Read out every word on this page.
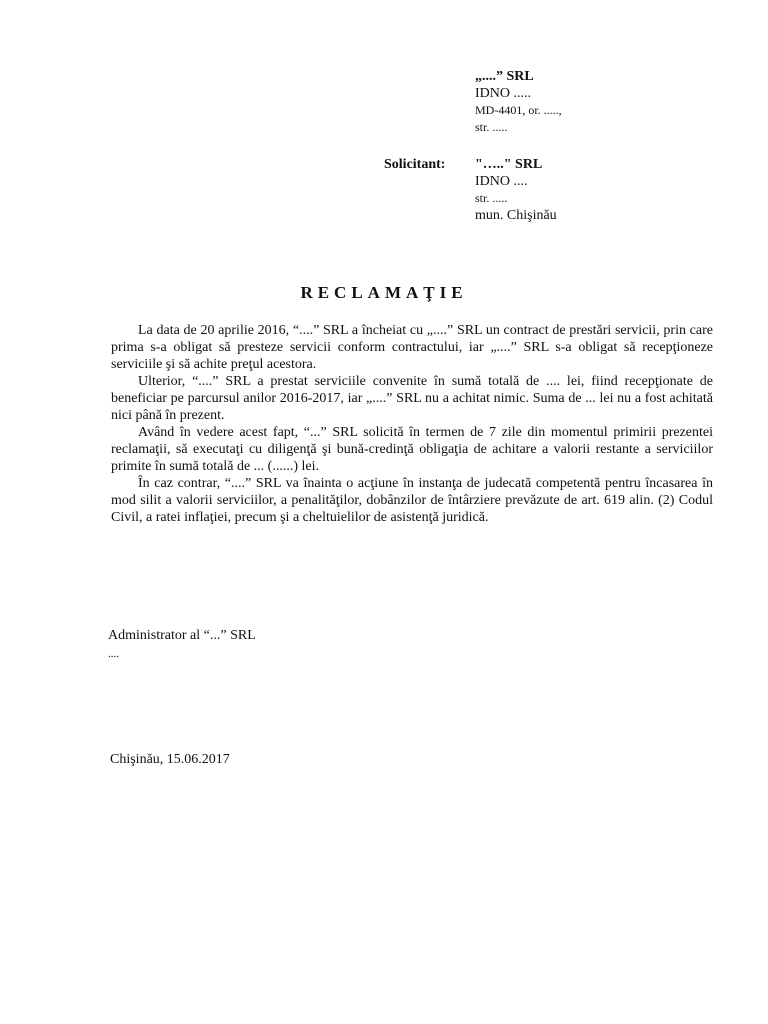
„....” SRL
IDNO .....
MD-4401, or. .....,
str. .....
Solicitant: "….." SRL
IDNO ....
str. .....
mun. Chişinău
RECLAMAŢIE

La data de 20 aprilie 2016, “....” SRL a încheiat cu „....” SRL un contract de prestări servicii, prin care prima s-a obligat să presteze servicii conform contractului, iar „....” SRL s-a obligat să recepţioneze serviciile şi să achite preţul acestora.

Ulterior, “....” SRL a prestat serviciile convenite în sumă totală de .... lei, fiind recepţionate de beneficiar pe parcursul anilor 2016-2017, iar „....” SRL nu a achitat nimic. Suma de ... lei nu a fost achitată nici până în prezent.

Având în vedere acest fapt, “...” SRL solicită în termen de 7 zile din momentul primirii prezentei reclamaţii, să executaţi cu diligenţă şi bună-credinţă obligaţia de achitare a valorii restante a serviciilor primite în sumă totală de ... (......) lei.

În caz contrar, “....” SRL va înainta o acţiune în instanţa de judecată competentă pentru încasarea în mod silit a valorii serviciilor, a penalităţilor, dobânzilor de întârziere prevăzute de art. 619 alin. (2) Codul Civil, a ratei inflaţiei, precum şi a cheltuielilor de asistenţă juridică.

Administrator al “...” SRL
....
Chişinău, 15.06.2017
